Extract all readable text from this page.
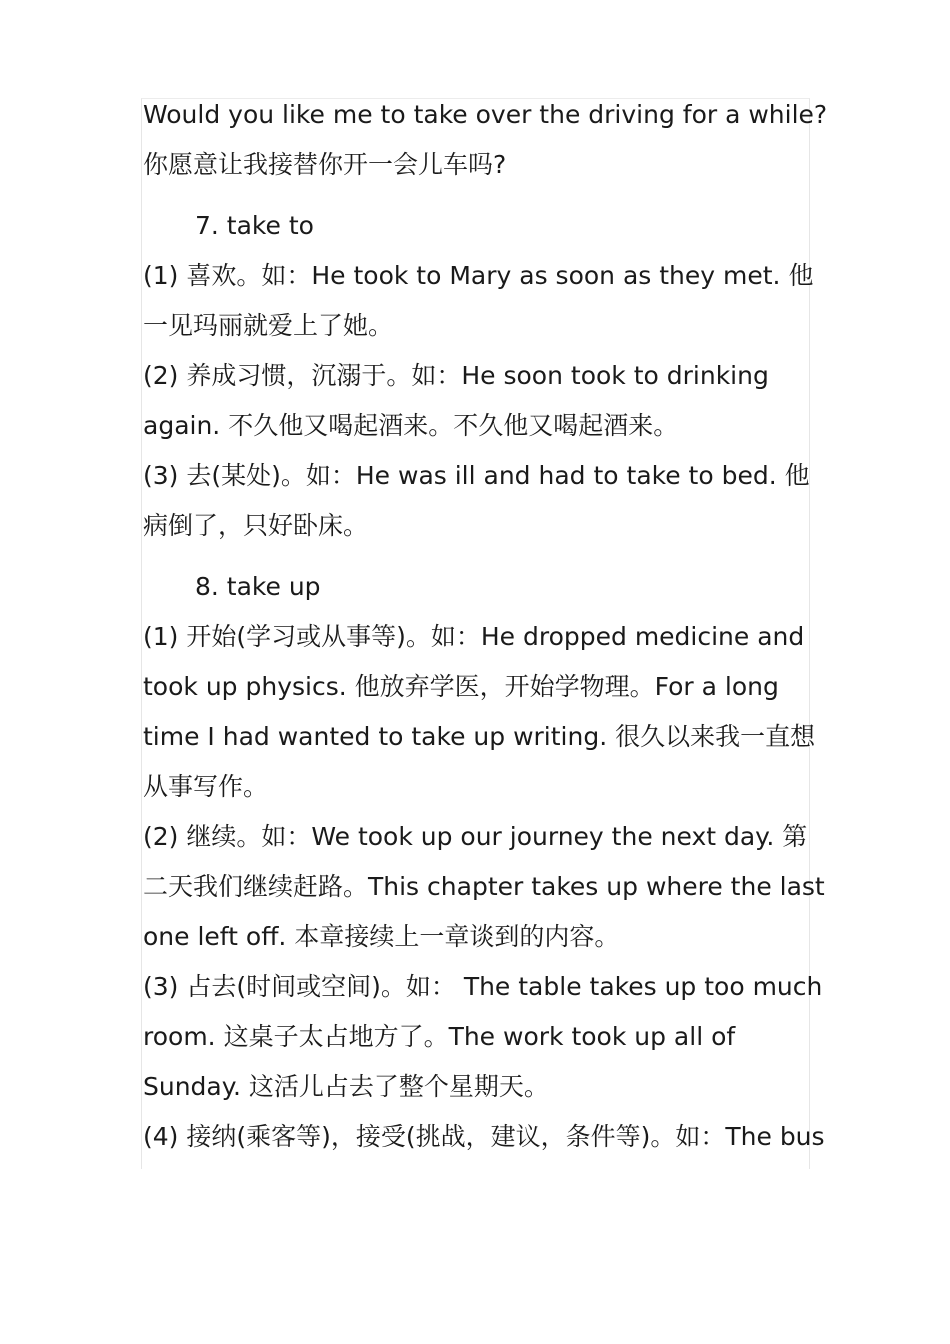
Would you like me to take over the driving for a while?
你愿意让我接替你开一会儿车吗?
7. take to
(1) 喜欢。如：He took to Mary as soon as they met. 他
一见玛丽就爱上了她。
(2) 养成习惯，沉溺于。如：He soon took to drinking
again. 不久他又喝起酒来。不久他又喝起酒来。
(3) 去(某处)。如：He was ill and had to take to bed. 他
病倒了，只好卧床。
8. take up
(1) 开始(学习或从事等)。如：He dropped medicine and
took up physics. 他放弃学医，开始学物理。For a long
time I had wanted to take up writing. 很久以来我一直想
从事写作。
(2) 继续。如：We took up our journey the next day. 第
二天我们继续赶路。This chapter takes up where the last
one left off. 本章接续上一章谈到的内容。
(3) 占去(时间或空间)。如： The table takes up too much
room. 这桌子太占地方了。The work took up all of
Sunday. 这活儿占去了整个星期天。
(4) 接纳(乘客等)，接受(挑战，建议，条件等)。如：The bus
